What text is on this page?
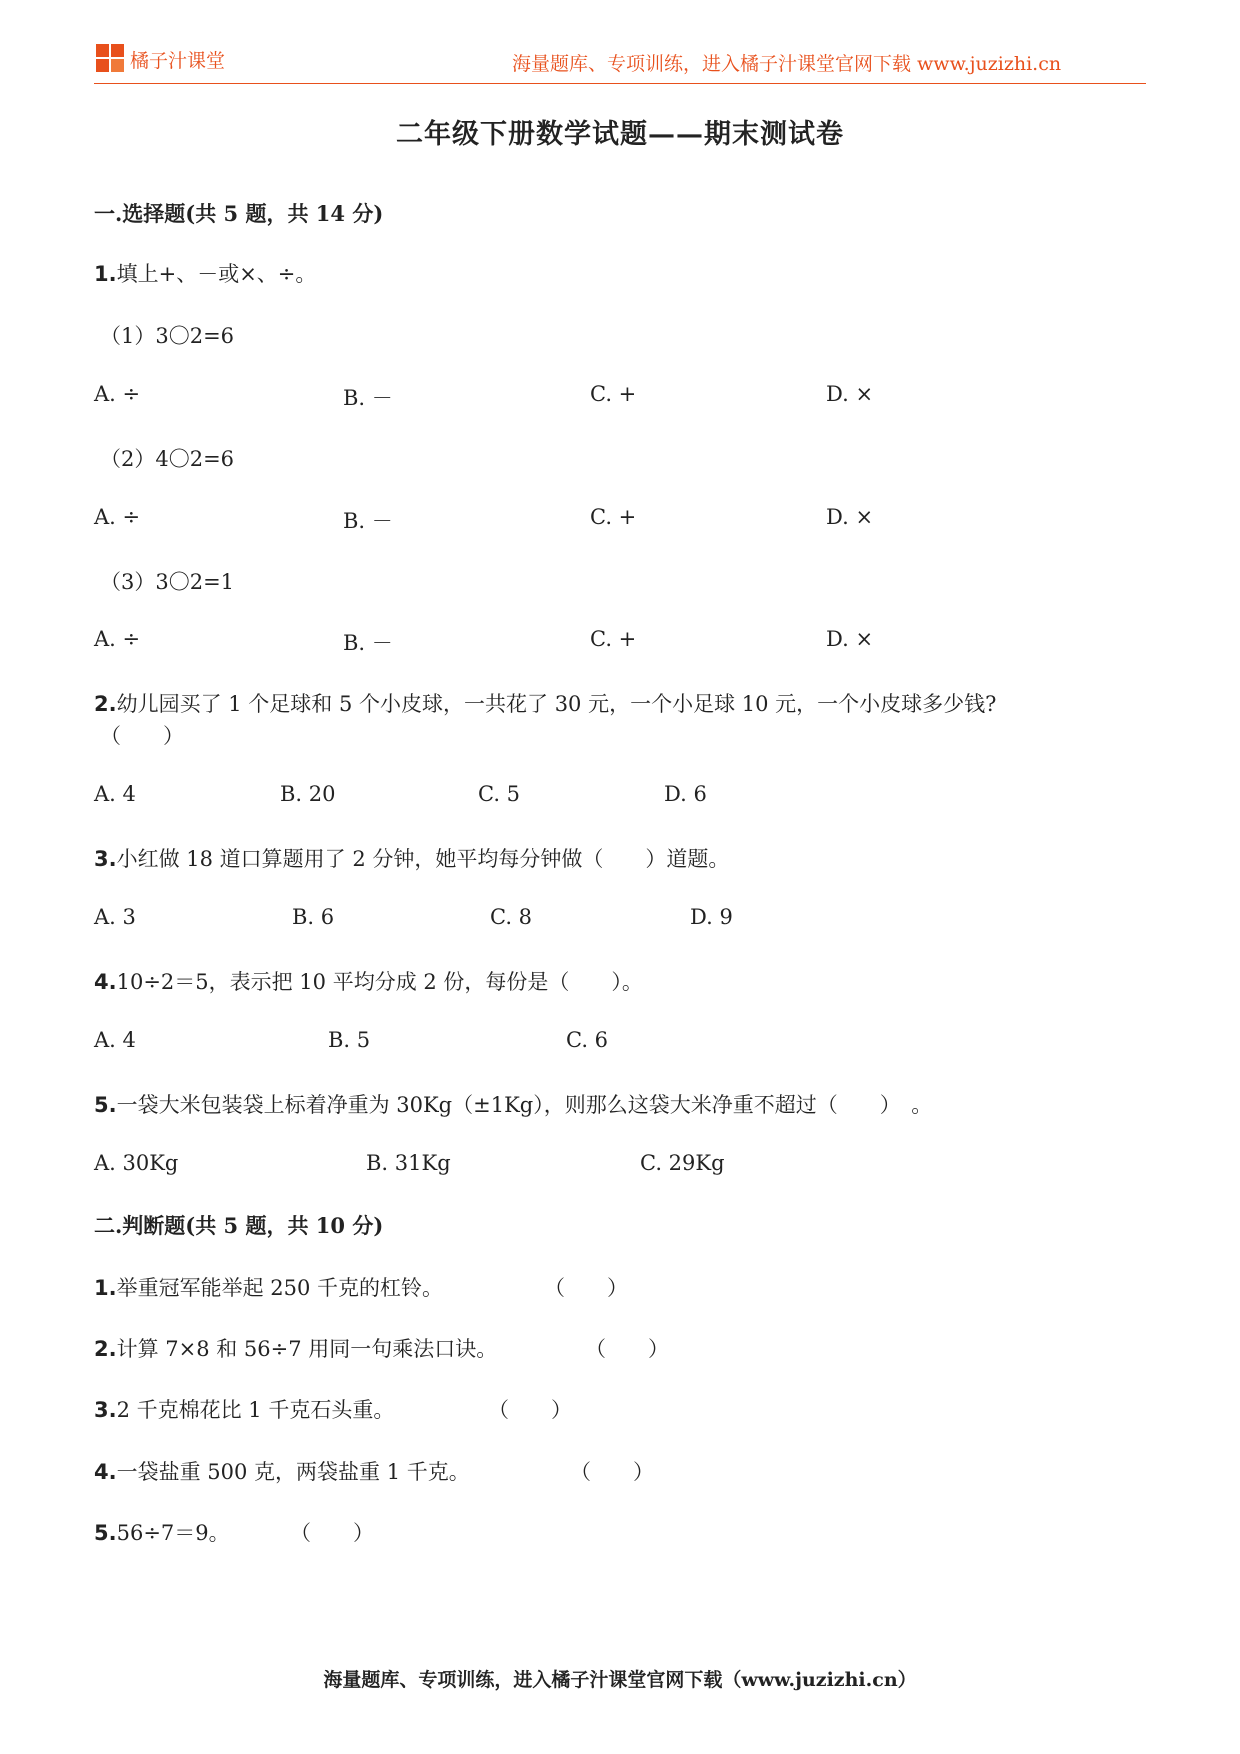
橘子汁课堂	海量题库、专项训练，进入橘子汁课堂官网下载 www.juzizhi.cn
二年级下册数学试题——期末测试卷
一.选择题(共 5 题，共 14 分)
1.填上+、－或×、÷。
（1）3〇2=6
A. ÷	B. －	C. +	D. ×
（2）4〇2=6
A. ÷	B. －	C. +	D. ×
（3）3〇2=1
A. ÷	B. －	C. +	D. ×
2.幼儿园买了 1 个足球和 5 个小皮球，一共花了 30 元，一个小足球 10 元，一个小皮球多少钱?
（　　）
A. 4	B. 20	C. 5	D. 6
3.小红做 18 道口算题用了 2 分钟，她平均每分钟做（　　）道题。
A. 3	B. 6	C. 8	D. 9
4.10÷2＝5，表示把 10 平均分成 2 份，每份是（　　）。
A. 4	B. 5	C. 6
5.一袋大米包装袋上标着净重为 30Kg（±1Kg），则那么这袋大米净重不超过（　　）　。
A. 30Kg	B. 31Kg	C. 29Kg
二.判断题(共 5 题，共 10 分)
1.举重冠军能举起 250 千克的杠铃。	（　　）
2.计算 7×8 和 56÷7 用同一句乘法口诀。	（　　）
3.2 千克棉花比 1 千克石头重。	（　　）
4.一袋盐重 500 克，两袋盐重 1 千克。	（　　）
5.56÷7＝9。	（　　）
海量题库、专项训练，进入橘子汁课堂官网下载（www.juzizhi.cn）
